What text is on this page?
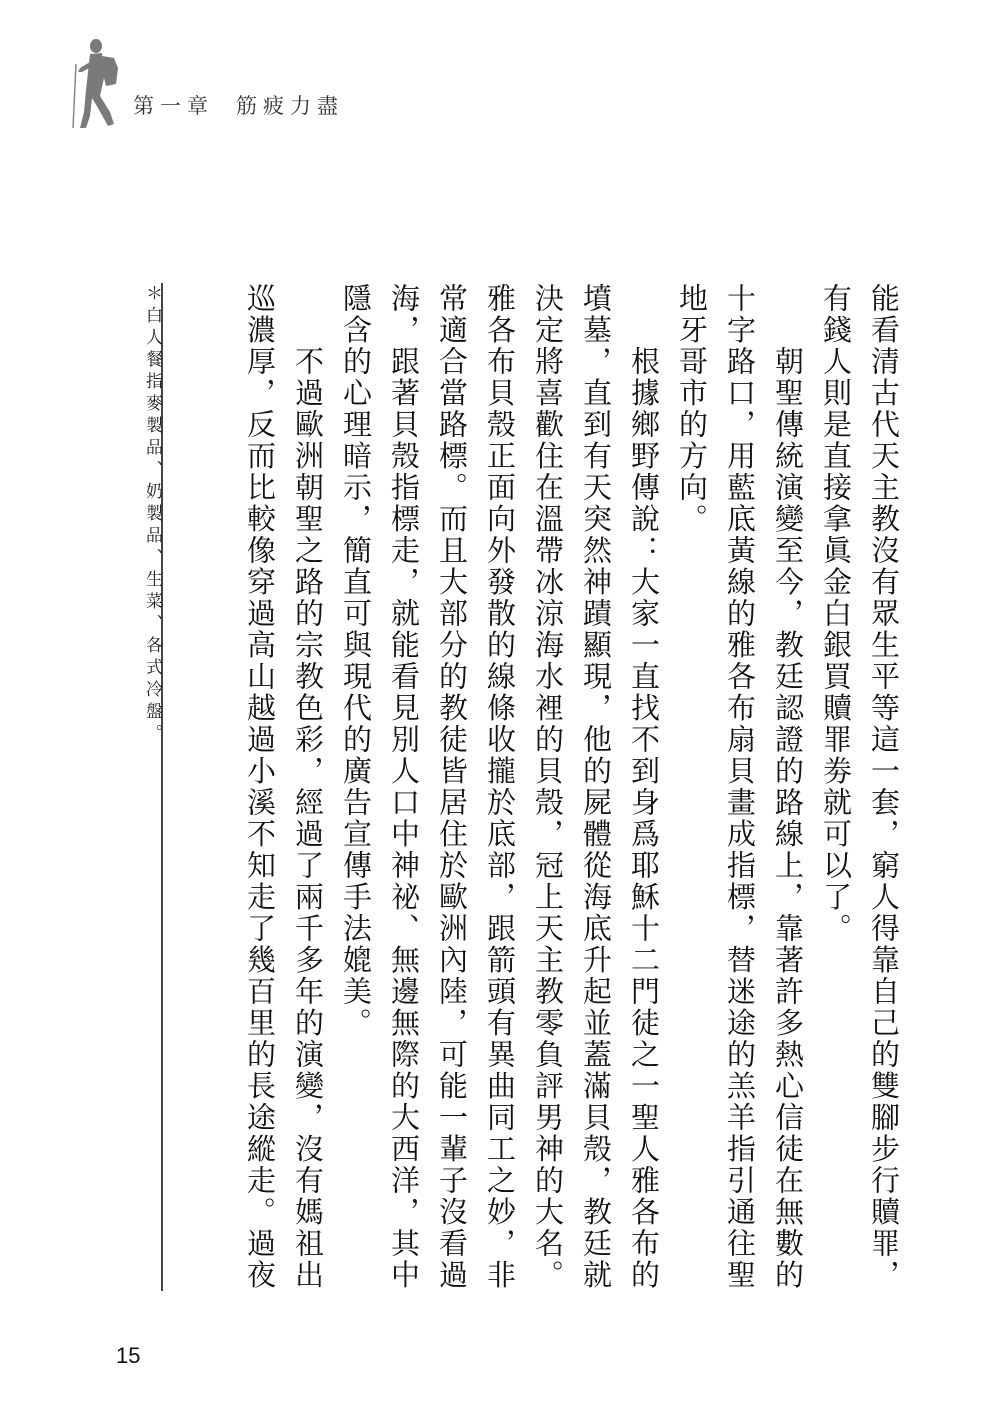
第一章 筋疲力盡
能看清古代天主教沒有眾生平等這一套，窮人得靠自己的雙腳步行贖罪，
有錢人則是直接拿眞金白銀買贖罪劵就可以了。
　　朝聖傳統演變至今，教廷認證的路線上，靠著許多熱心信徒在無數的
十字路口，用藍底黃線的雅各布扇貝畫成指標，替迷途的羔羊指引通往聖
地牙哥市的方向。
　　根據鄉野傳說：大家一直找不到身爲耶穌十二門徒之一聖人雅各布的
墳墓，直到有天突然神蹟顯現，他的屍體從海底升起並蓋滿貝殼，教廷就
決定將喜歡住在溫帶冰涼海水裡的貝殼，冠上天主教零負評男神的大名。
雅各布貝殼正面向外發散的線條收攏於底部，跟箭頭有異曲同工之妙，非
常適合當路標。而且大部分的教徒皆居住於歐洲內陸，可能一輩子沒看過
海，跟著貝殼指標走，就能看見別人口中神祕、無邊無際的大西洋，其中
隱含的心理暗示，簡直可與現代的廣告宣傳手法媲美。
　　不過歐洲朝聖之路的宗教色彩，經過了兩千多年的演變，沒有媽祖出
巡濃厚，反而比較像穿過高山越過小溪不知走了幾百里的長途縱走。過夜
＊白人餐指麥製品、奶製品、生菜、各式冷盤。
15
